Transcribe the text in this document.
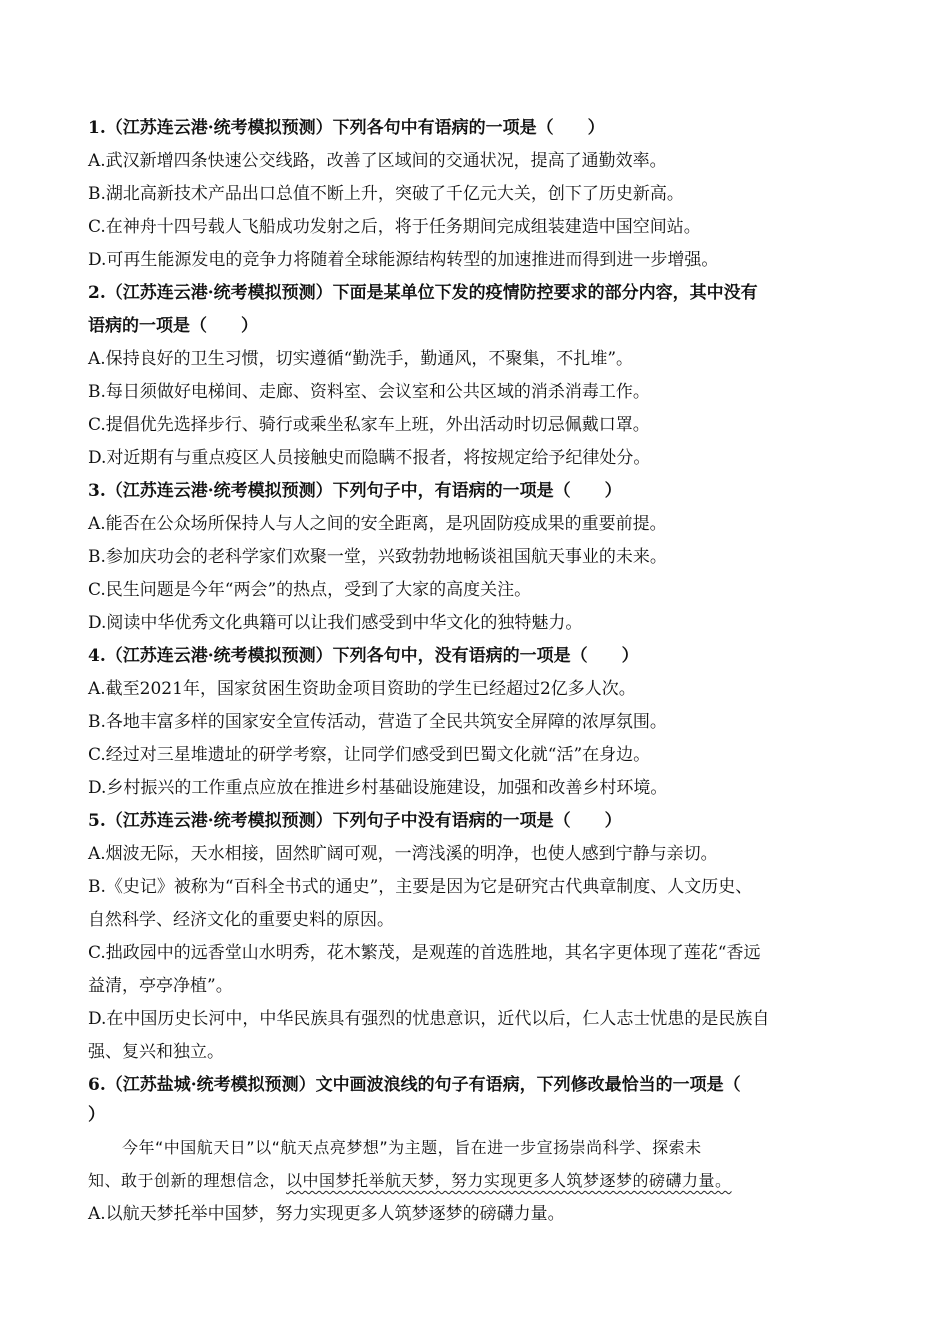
1.（江苏连云港·统考模拟预测）下列各句中有语病的一项是（　　）
A.武汉新增四条快速公交线路，改善了区域间的交通状况，提高了通勤效率。
B.湖北高新技术产品出口总值不断上升，突破了千亿元大关，创下了历史新高。
C.在神舟十四号载人飞船成功发射之后，将于任务期间完成组装建造中国空间站。
D.可再生能源发电的竞争力将随着全球能源结构转型的加速推进而得到进一步增强。
2.（江苏连云港·统考模拟预测）下面是某单位下发的疫情防控要求的部分内容，其中没有
语病的一项是（　　）
A.保持良好的卫生习惯，切实遵循“勤洗手，勤通风，不聚集，不扎堆”。
B.每日须做好电梯间、走廊、资料室、会议室和公共区域的消杀消毒工作。
C.提倡优先选择步行、骑行或乘坐私家车上班，外出活动时切忌佩戴口罩。
D.对近期有与重点疫区人员接触史而隐瞒不报者，将按规定给予纪律处分。
3.（江苏连云港·统考模拟预测）下列句子中，有语病的一项是（　　）
A.能否在公众场所保持人与人之间的安全距离，是巩固防疫成果的重要前提。
B.参加庆功会的老科学家们欢聚一堂，兴致勃勃地畅谈祖国航天事业的未来。
C.民生问题是今年“两会”的热点，受到了大家的高度关注。
D.阅读中华优秀文化典籍可以让我们感受到中华文化的独特魅力。
4.（江苏连云港·统考模拟预测）下列各句中，没有语病的一项是（　　）
A.截至2021年，国家贫困生资助金项目资助的学生已经超过2亿多人次。
B.各地丰富多样的国家安全宣传活动，营造了全民共筑安全屏障的浓厚氛围。
C.经过对三星堆遗址的研学考察，让同学们感受到巴蜀文化就“活”在身边。
D.乡村振兴的工作重点应放在推进乡村基础设施建设，加强和改善乡村环境。
5.（江苏连云港·统考模拟预测）下列句子中没有语病的一项是（　　）
A.烟波无际，天水相接，固然旷阔可观，一湾浅溪的明净，也使人感到宁静与亲切。
B.《史记》被称为“百科全书式的通史”，主要是因为它是研究古代典章制度、人文历史、
自然科学、经济文化的重要史料的原因。
C.拙政园中的远香堂山水明秀，花木繁茂，是观莲的首选胜地，其名字更体现了莲花“香远
益清，亭亭净植”。
D.在中国历史长河中，中华民族具有强烈的忧患意识，近代以后，仁人志士忧患的是民族自
强、复兴和独立。
6.（江苏盐城·统考模拟预测）文中画波浪线的句子有语病，下列修改最恰当的一项是（
）
今年“中国航天日”以“航天点亮梦想”为主题，旨在进一步宣扬崇尚科学、探索未
知、敢于创新的理想信念，以中国梦托举航天梦，努力实现更多人筑梦逐梦的磅礴力量。
A.以航天梦托举中国梦，努力实现更多人筑梦逐梦的磅礴力量。
